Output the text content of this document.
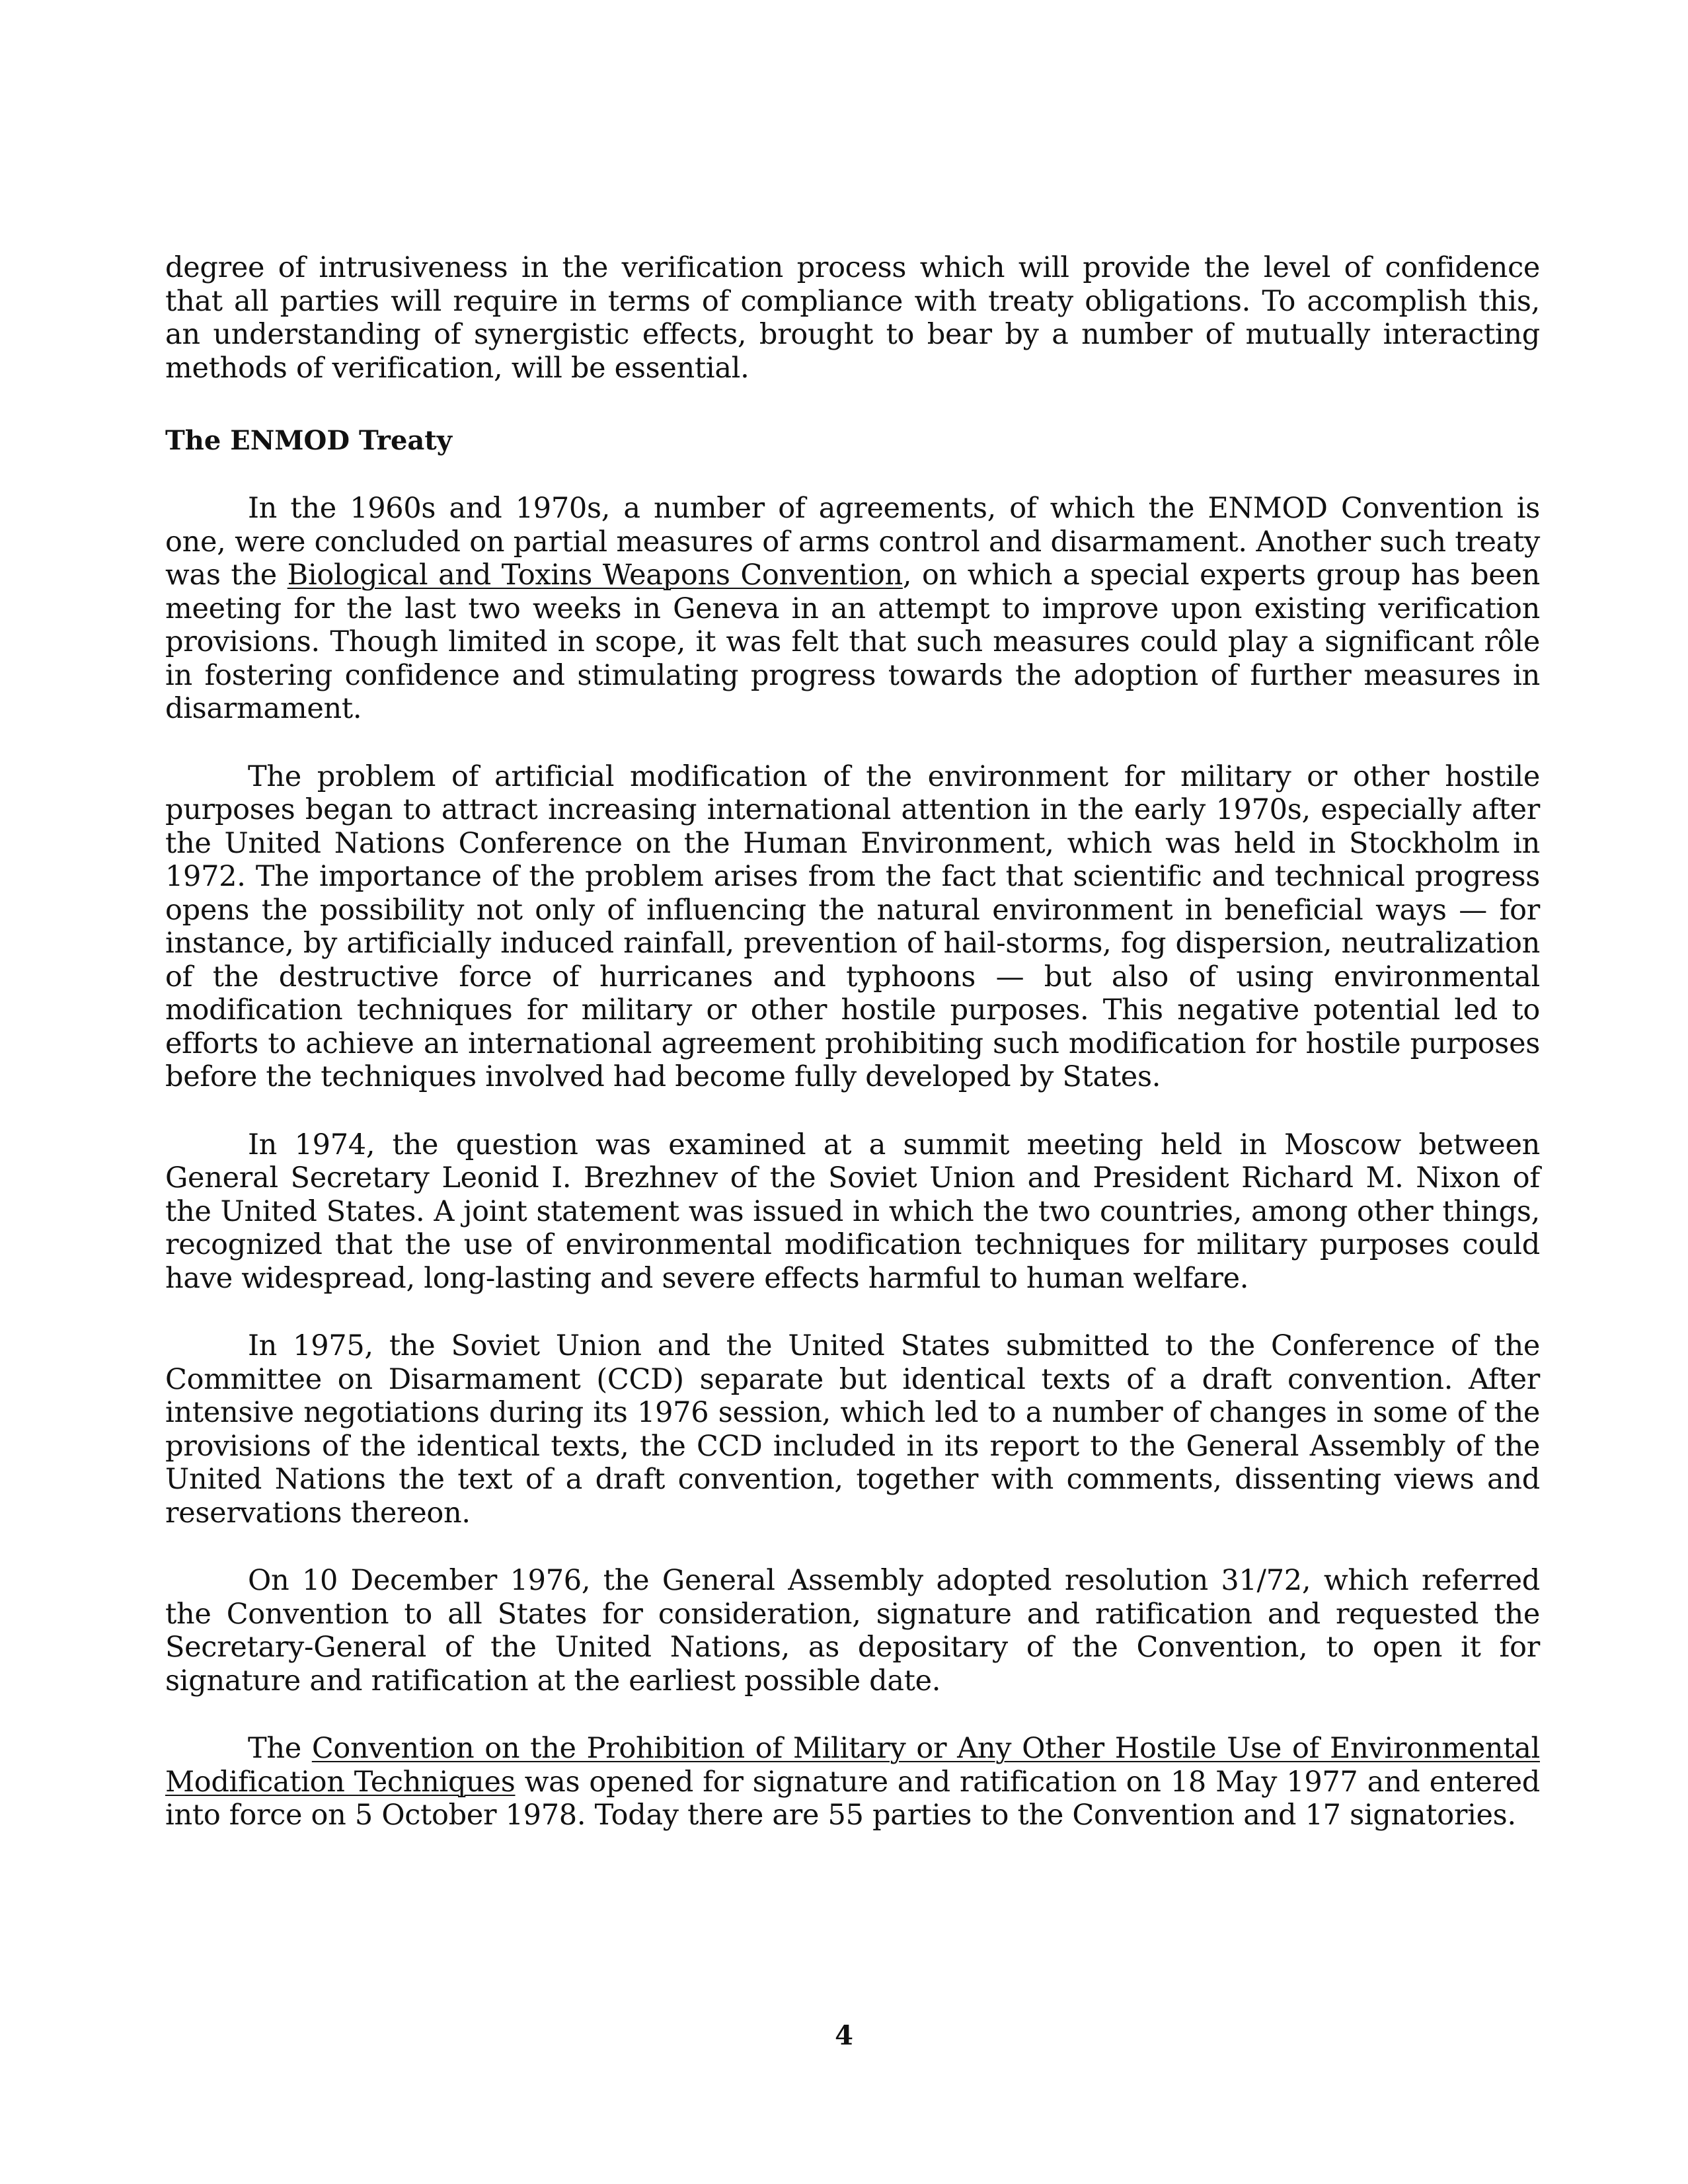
degree of intrusiveness in the verification process which will provide the level of confidence that all parties will require in terms of compliance with treaty obligations. To accomplish this, an understanding of synergistic effects, brought to bear by a number of mutually interacting methods of verification, will be essential.

The ENMOD Treaty

In the 1960s and 1970s, a number of agreements, of which the ENMOD Convention is one, were concluded on partial measures of arms control and disarmament. Another such treaty was the Biological and Toxins Weapons Convention, on which a special experts group has been meeting for the last two weeks in Geneva in an attempt to improve upon existing verification provisions. Though limited in scope, it was felt that such measures could play a significant rôle in fostering confidence and stimulating progress towards the adoption of further measures in disarmament.

The problem of artificial modification of the environment for military or other hostile purposes began to attract increasing international attention in the early 1970s, especially after the United Nations Conference on the Human Environment, which was held in Stockholm in 1972. The importance of the problem arises from the fact that scientific and technical progress opens the possibility not only of influencing the natural environment in beneficial ways — for instance, by artificially induced rainfall, prevention of hail-storms, fog dispersion, neutralization of the destructive force of hurricanes and typhoons — but also of using environmental modification techniques for military or other hostile purposes. This negative potential led to efforts to achieve an international agreement prohibiting such modification for hostile purposes before the techniques involved had become fully developed by States.

In 1974, the question was examined at a summit meeting held in Moscow between General Secretary Leonid I. Brezhnev of the Soviet Union and President Richard M. Nixon of the United States. A joint statement was issued in which the two countries, among other things, recognized that the use of environmental modification techniques for military purposes could have widespread, long-lasting and severe effects harmful to human welfare.

In 1975, the Soviet Union and the United States submitted to the Conference of the Committee on Disarmament (CCD) separate but identical texts of a draft convention. After intensive negotiations during its 1976 session, which led to a number of changes in some of the provisions of the identical texts, the CCD included in its report to the General Assembly of the United Nations the text of a draft convention, together with comments, dissenting views and reservations thereon.

On 10 December 1976, the General Assembly adopted resolution 31/72, which referred the Convention to all States for consideration, signature and ratification and requested the Secretary-General of the United Nations, as depositary of the Convention, to open it for signature and ratification at the earliest possible date.

The Convention on the Prohibition of Military or Any Other Hostile Use of Environmental Modification Techniques was opened for signature and ratification on 18 May 1977 and entered into force on 5 October 1978. Today there are 55 parties to the Convention and 17 signatories.

4
